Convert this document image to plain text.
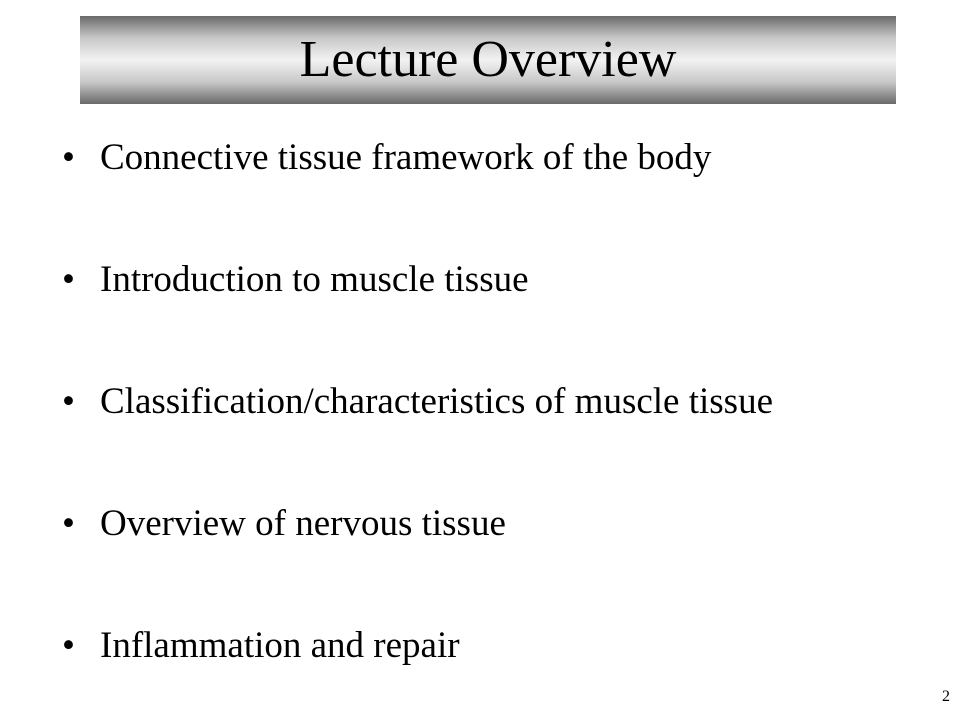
Lecture Overview
• Connective tissue framework of the body
• Introduction to muscle tissue
• Classification/characteristics of muscle tissue
• Overview of nervous tissue
• Inflammation and repair
2
